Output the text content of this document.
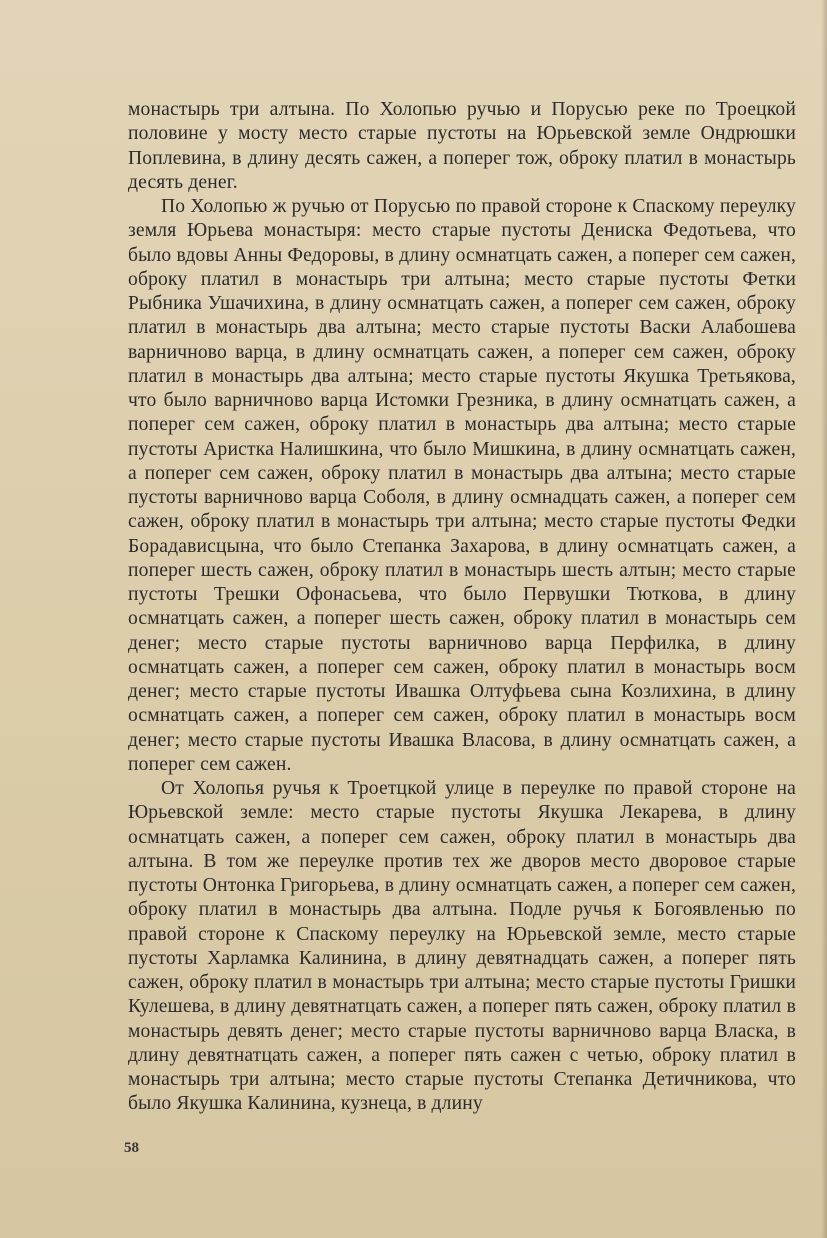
монастырь три алтына. По Холопью ручью и Порусью реке по Троецкой половине у мосту место старые пустоты на Юрьевской земле Ондрюшки Поплевина, в длину десять сажен, а поперег тож, оброку платил в монастырь десять денег.

По Холопью ж ручью от Порусью по правой стороне к Спаскому переулку земля Юрьева монастыря: место старые пустоты Дениска Федотьева, что было вдовы Анны Федоровы, в длину осмнатцать сажен, а поперег сем сажен, оброку платил в монастырь три алтына; место старые пустоты Фетки Рыбника Ушачихина, в длину осмнатцать сажен, а поперег сем сажен, оброку платил в монастырь два алтына; место старые пустоты Васки Алабошева варничново варца, в длину осмнатцать сажен, а поперег сем сажен, оброку платил в монастырь два алтына; место старые пустоты Якушка Третьякова, что было варничново варца Истомки Грезника, в длину осмнатцать сажен, а поперег сем сажен, оброку платил в монастырь два алтына; место старые пустоты Аристка Налишкина, что было Мишкина, в длину осмнатцать сажен, а поперег сем сажен, оброку платил в монастырь два алтына; место старые пустоты варничново варца Соболя, в длину осмнадцать сажен, а поперег сем сажен, оброку платил в монастырь три алтына; место старые пустоты Федки Борадависцына, что было Степанка Захарова, в длину осмнатцать сажен, а поперег шесть сажен, оброку платил в монастырь шесть алтын; место старые пустоты Трешки Офонасьева, что было Первушки Тюткова, в длину осмнатцать сажен, а поперег шесть сажен, оброку платил в монастырь сем денег; место старые пустоты варничново варца Перфилка, в длину осмнатцать сажен, а поперег сем сажен, оброку платил в монастырь восм денег; место старые пустоты Ивашка Олтуфьева сына Козлихина, в длину осмнатцать сажен, а поперег сем сажен, оброку платил в монастырь восм денег; место старые пустоты Ивашка Власова, в длину осмнатцать сажен, а поперег сем сажен.

От Холопья ручья к Троетцкой улице в переулке по правой стороне на Юрьевской земле: место старые пустоты Якушка Лекарева, в длину осмнатцать сажен, а поперег сем сажен, оброку платил в монастырь два алтына. В том же переулке против тех же дворов место дворовое старые пустоты Онтонка Григорьева, в длину осмнатцать сажен, а поперег сем сажен, оброку платил в монастырь два алтына. Подле ручья к Богоявленью по правой стороне к Спаскому переулку на Юрьевской земле, место старые пустоты Харламка Калинина, в длину девятнадцать сажен, а поперег пять сажен, оброку платил в монастырь три алтына; место старые пустоты Гришки Кулешева, в длину девятнатцать сажен, а поперег пять сажен, оброку платил в монастырь девять денег; место старые пустоты варничново варца Власка, в длину девятнатцать сажен, а поперег пять сажен с четью, оброку платил в монастырь три алтына; место старые пустоты Степанка Детичникова, что было Якушка Калинина, кузнеца, в длину

58
